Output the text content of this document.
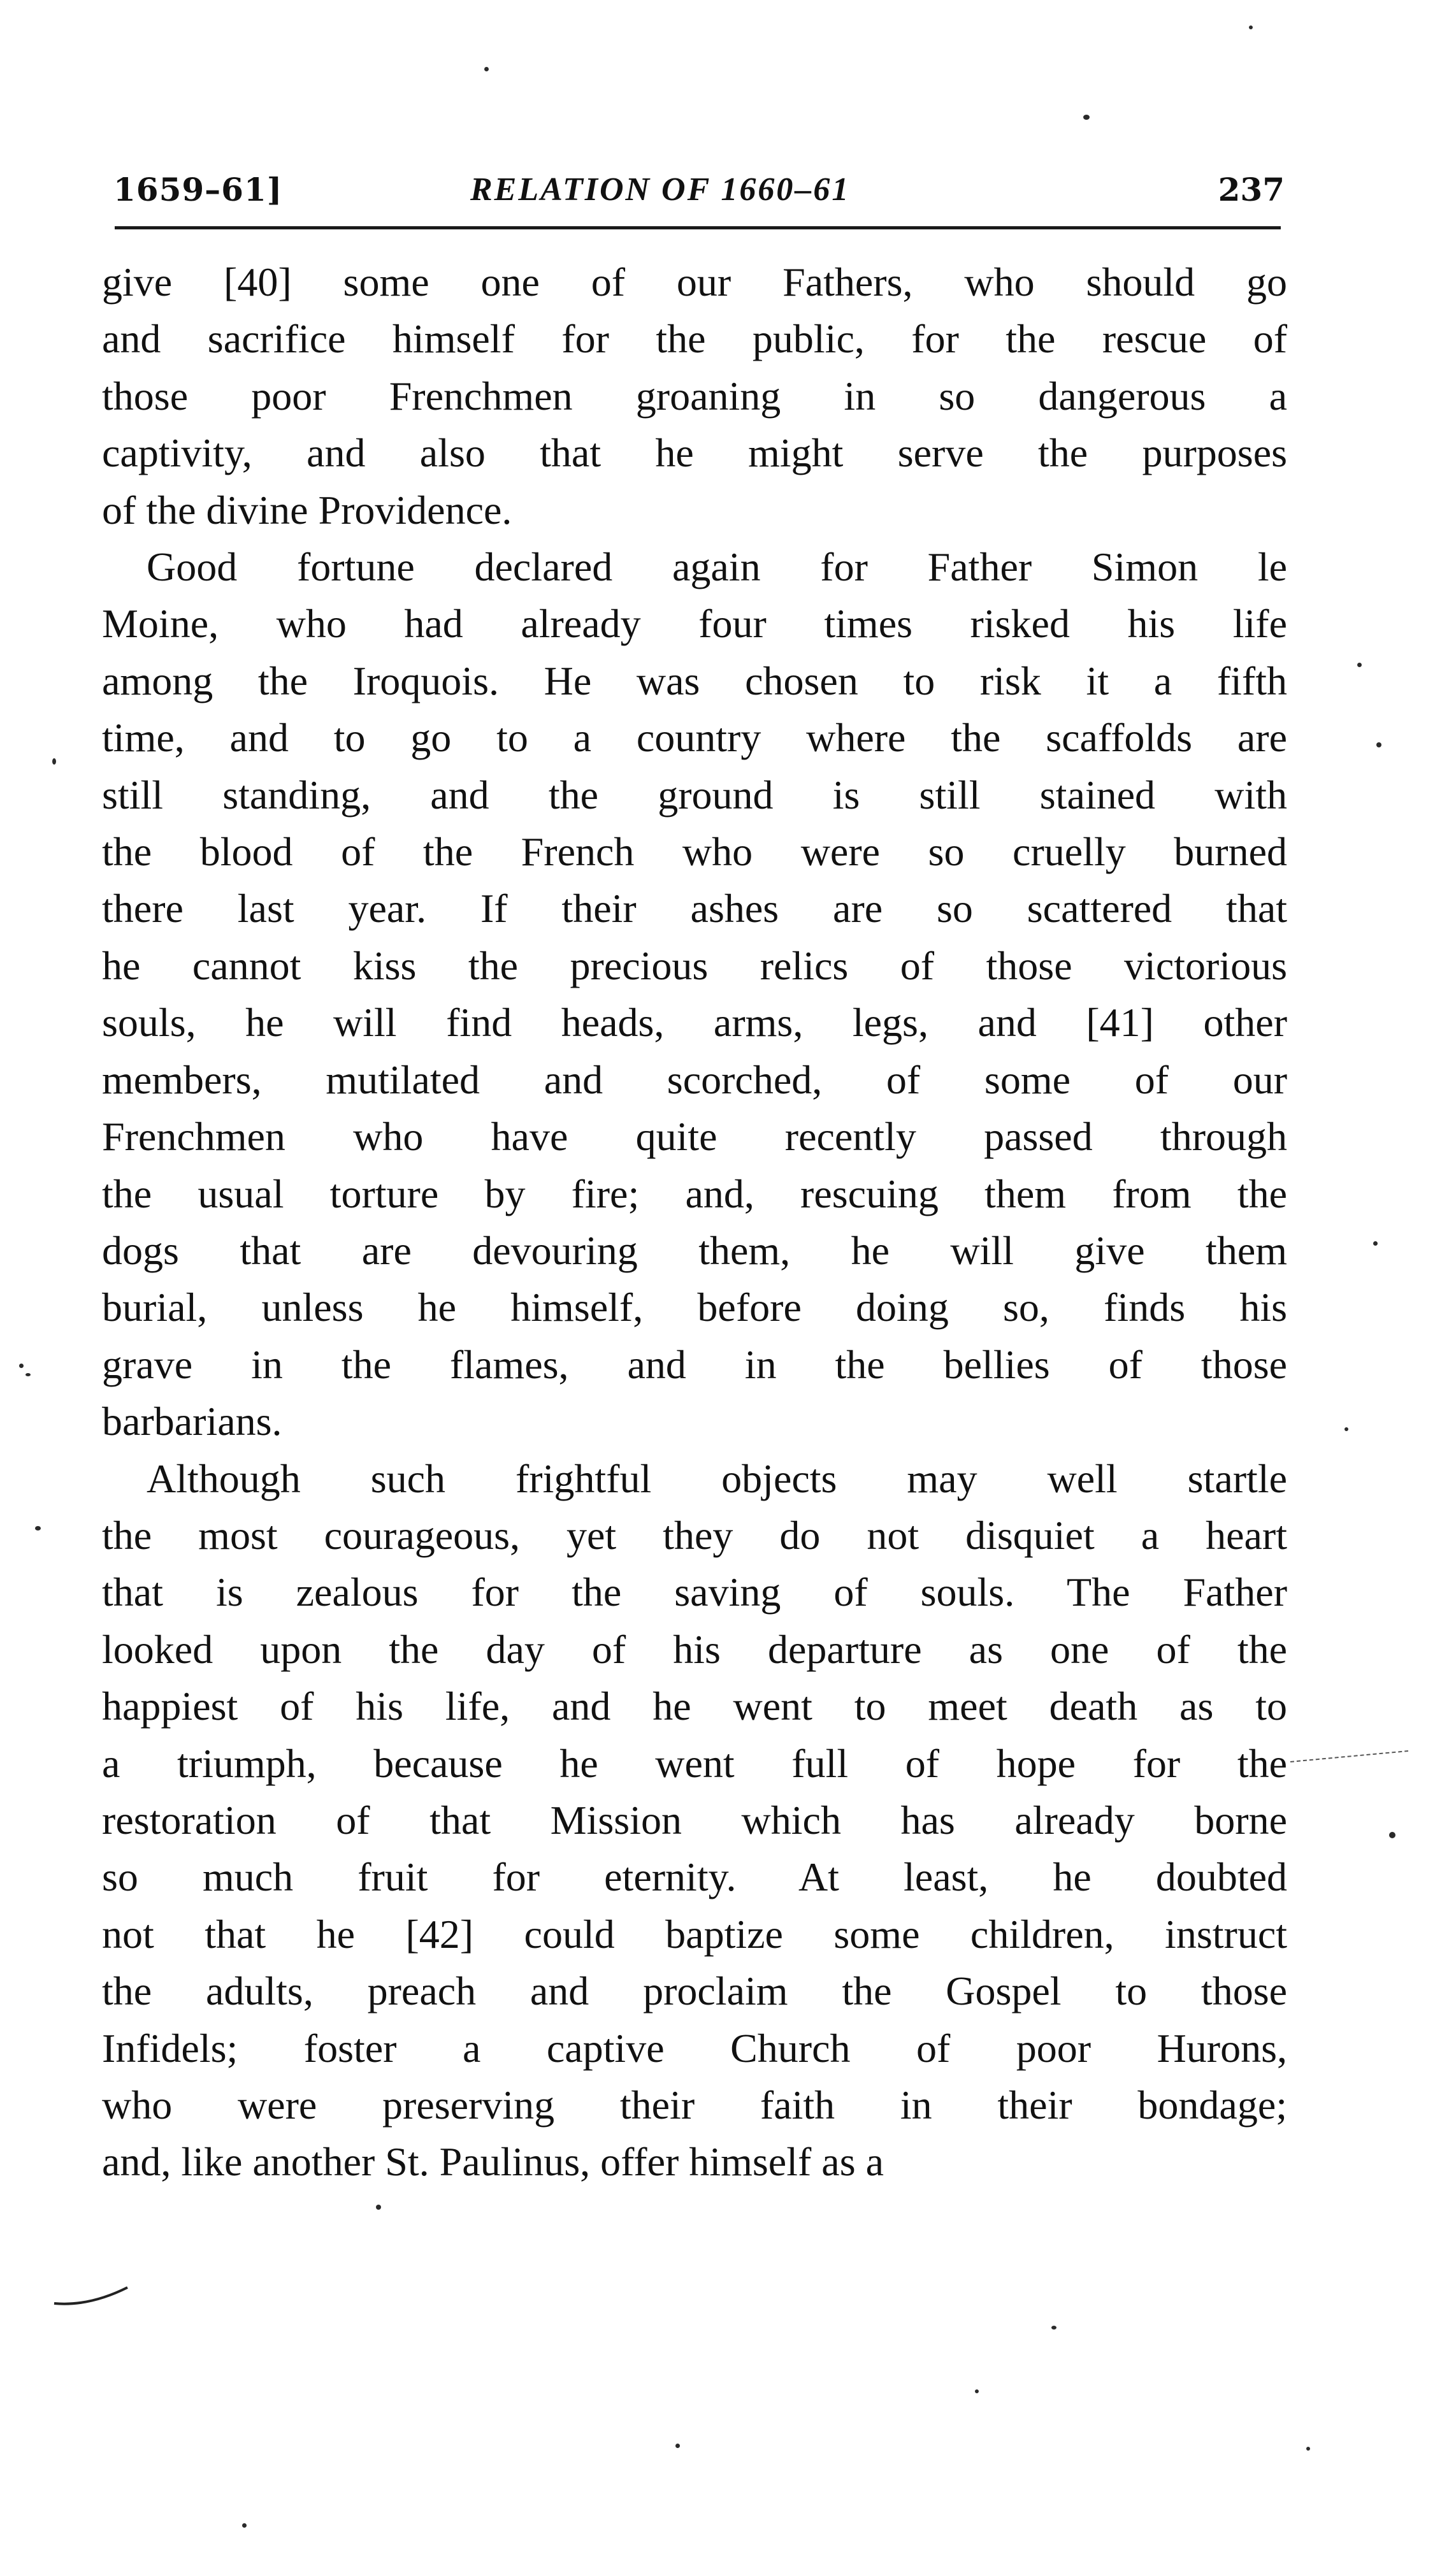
1659–61]	RELATION OF 1660–61	237
give [40] some one of our Fathers, who should go
and sacrifice himself for the public, for the rescue of
those poor Frenchmen groaning in so dangerous a
captivity, and also that he might serve the purposes
of the divine Providence.
Good fortune declared again for Father Simon le
Moine, who had already four times risked his life
among the Iroquois. He was chosen to risk it a fifth
time, and to go to a country where the scaffolds are
still standing, and the ground is still stained with
the blood of the French who were so cruelly burned
there last year. If their ashes are so scattered that
he cannot kiss the precious relics of those victorious
souls, he will find heads, arms, legs, and [41] other
members, mutilated and scorched, of some of our
Frenchmen who have quite recently passed through
the usual torture by fire; and, rescuing them from the
dogs that are devouring them, he will give them
burial, unless he himself, before doing so, finds his
grave in the flames, and in the bellies of those
barbarians.
Although such frightful objects may well startle
the most courageous, yet they do not disquiet a heart
that is zealous for the saving of souls. The Father
looked upon the day of his departure as one of the
happiest of his life, and he went to meet death as to
a triumph, because he went full of hope for the
restoration of that Mission which has already borne
so much fruit for eternity. At least, he doubted
not that he [42] could baptize some children, instruct
the adults, preach and proclaim the Gospel to those
Infidels; foster a captive Church of poor Hurons,
who were preserving their faith in their bondage;
and, like another St. Paulinus, offer himself as a
